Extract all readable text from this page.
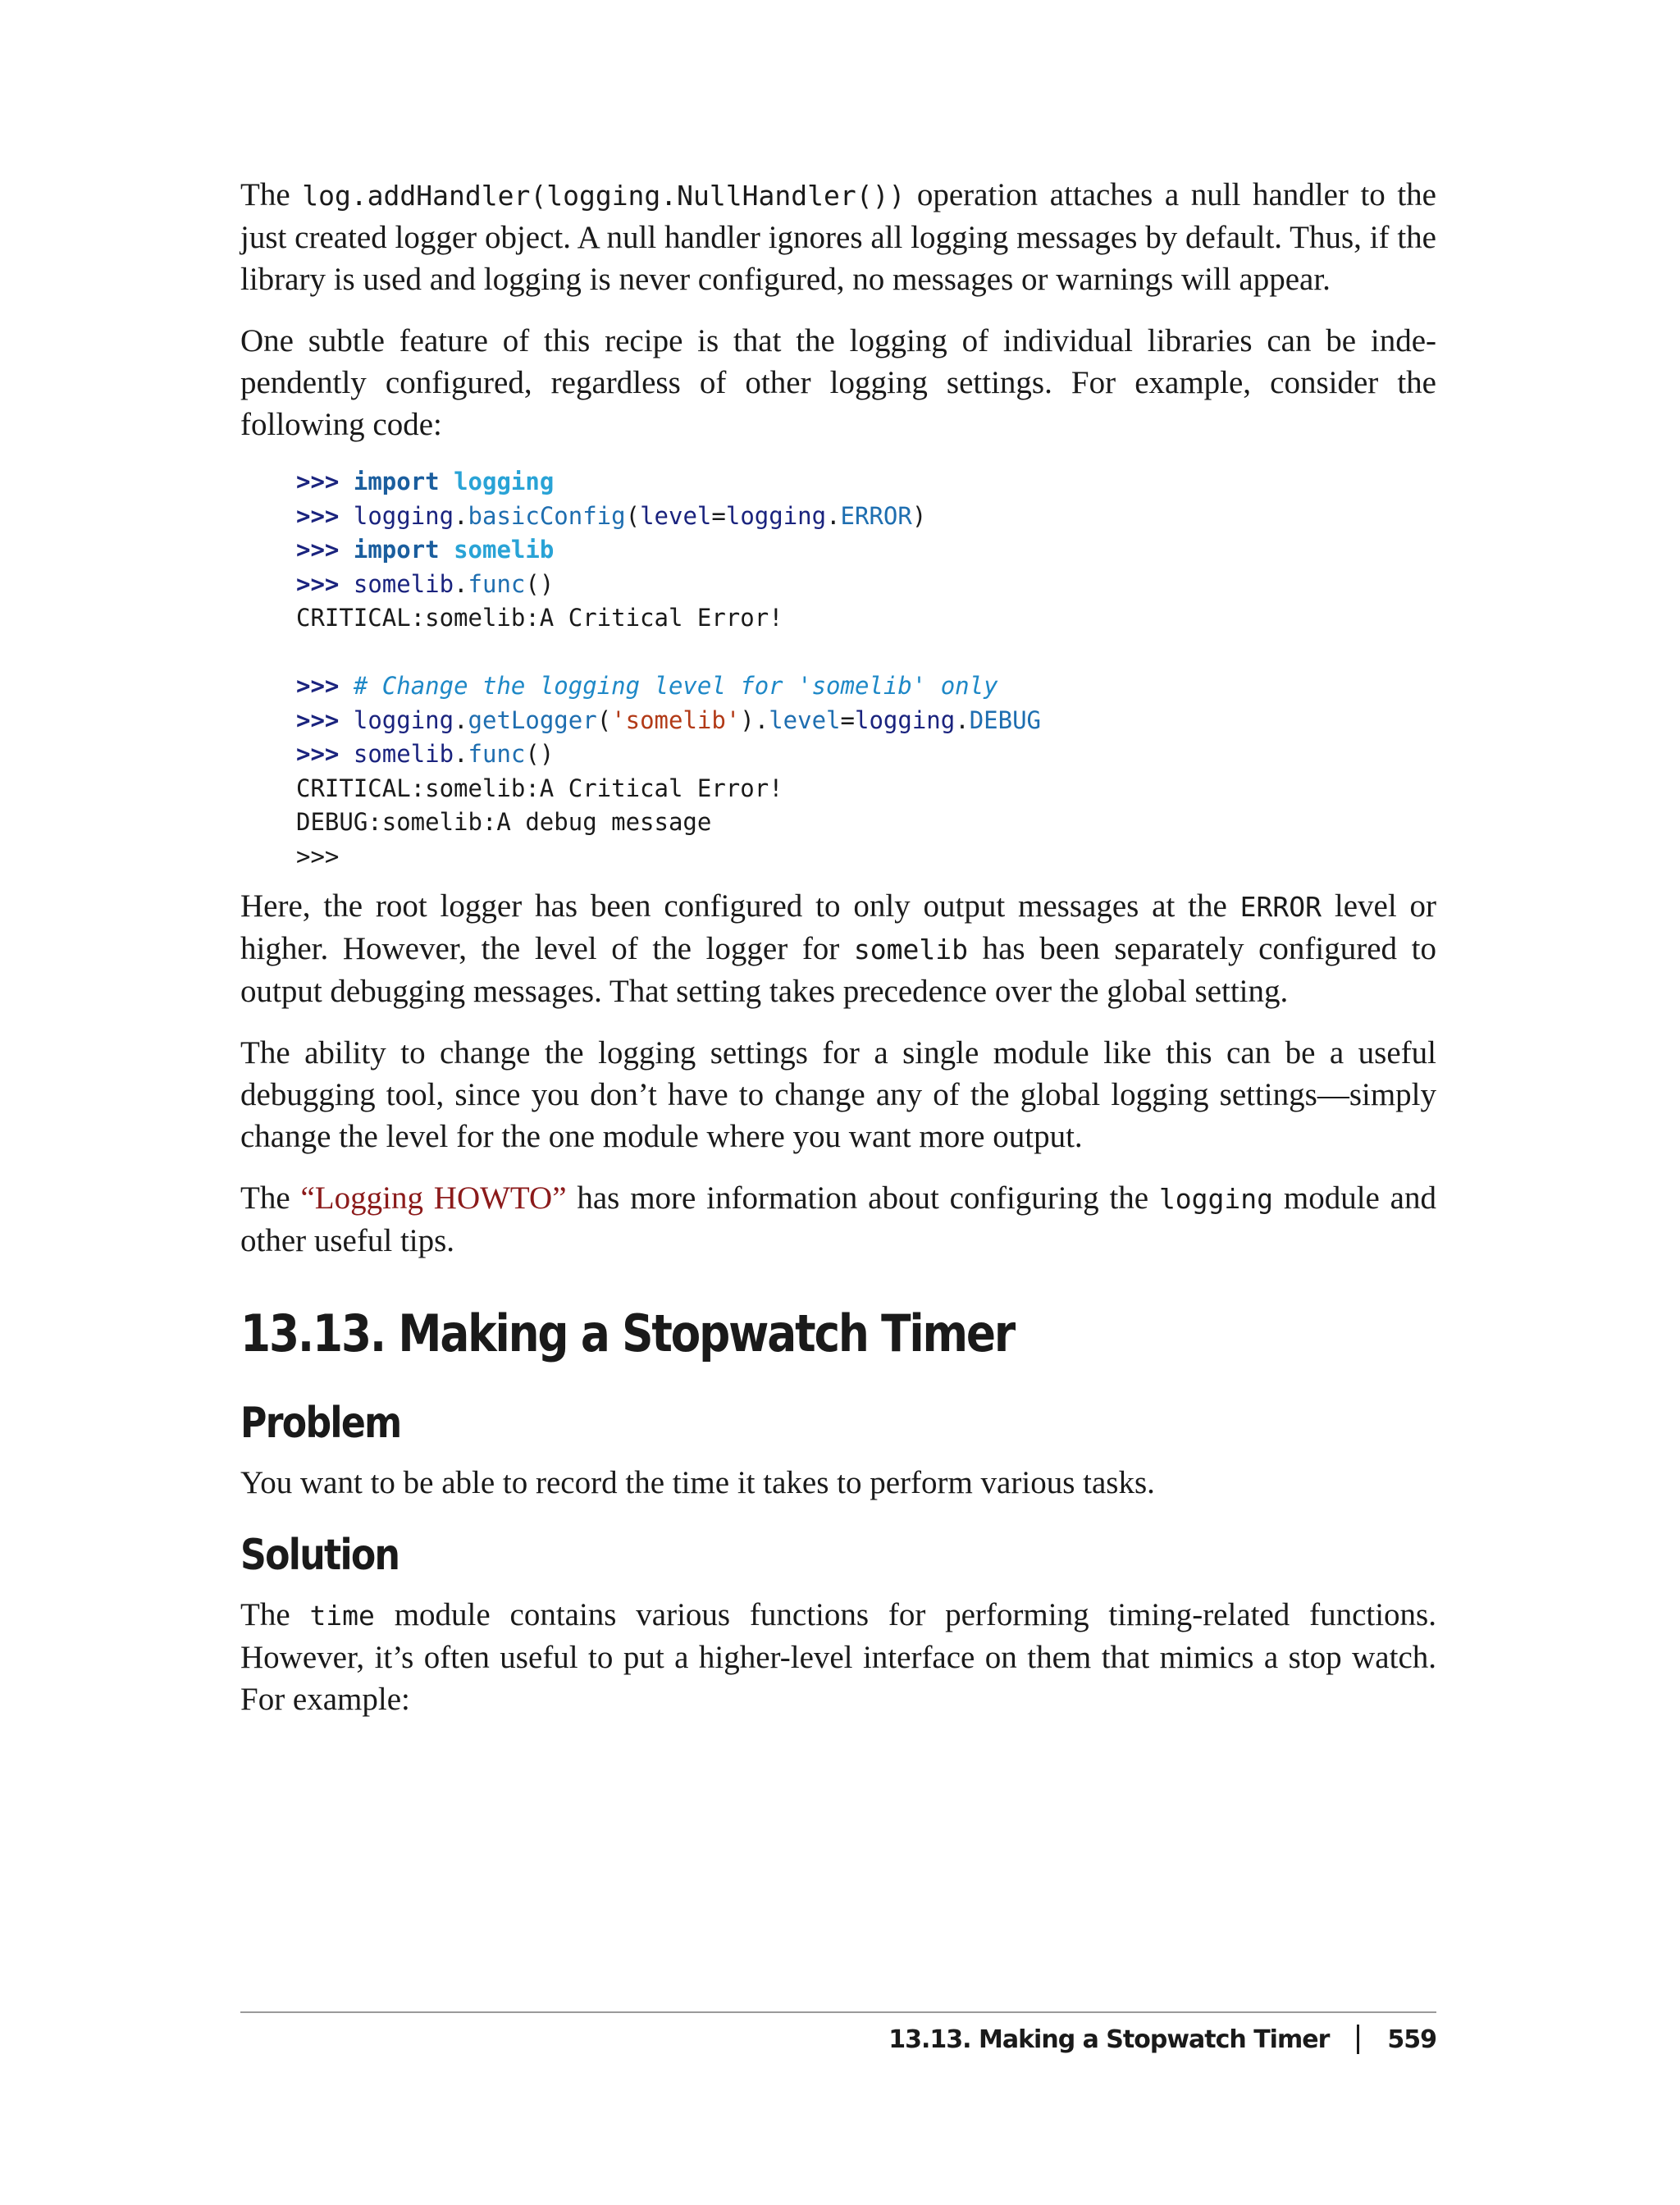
The log.addHandler(logging.NullHandler()) operation attaches a null handler to the just created logger object. A null handler ignores all logging messages by default. Thus, if the library is used and logging is never configured, no messages or warnings will appear.

One subtle feature of this recipe is that the logging of individual libraries can be inde-pendently configured, regardless of other logging settings. For example, consider the following code:

>>> import logging
>>> logging.basicConfig(level=logging.ERROR)
>>> import somelib
>>> somelib.func()
CRITICAL:somelib:A Critical Error!
>>> # Change the logging level for 'somelib' only
>>> logging.getLogger('somelib').level=logging.DEBUG
>>> somelib.func()
CRITICAL:somelib:A Critical Error!
DEBUG:somelib:A debug message
>>>

Here, the root logger has been configured to only output messages at the ERROR level or higher. However, the level of the logger for somelib has been separately configured to output debugging messages. That setting takes precedence over the global setting.

The ability to change the logging settings for a single module like this can be a useful debugging tool, since you don’t have to change any of the global logging settings—simply change the level for the one module where you want more output.

The “Logging HOWTO” has more information about configuring the logging module and other useful tips.

13.13. Making a Stopwatch Timer
Problem

You want to be able to record the time it takes to perform various tasks.

Solution

The time module contains various functions for performing timing-related functions. However, it’s often useful to put a higher-level interface on them that mimics a stop watch. For example:

13.13. Making a Stopwatch Timer 559
